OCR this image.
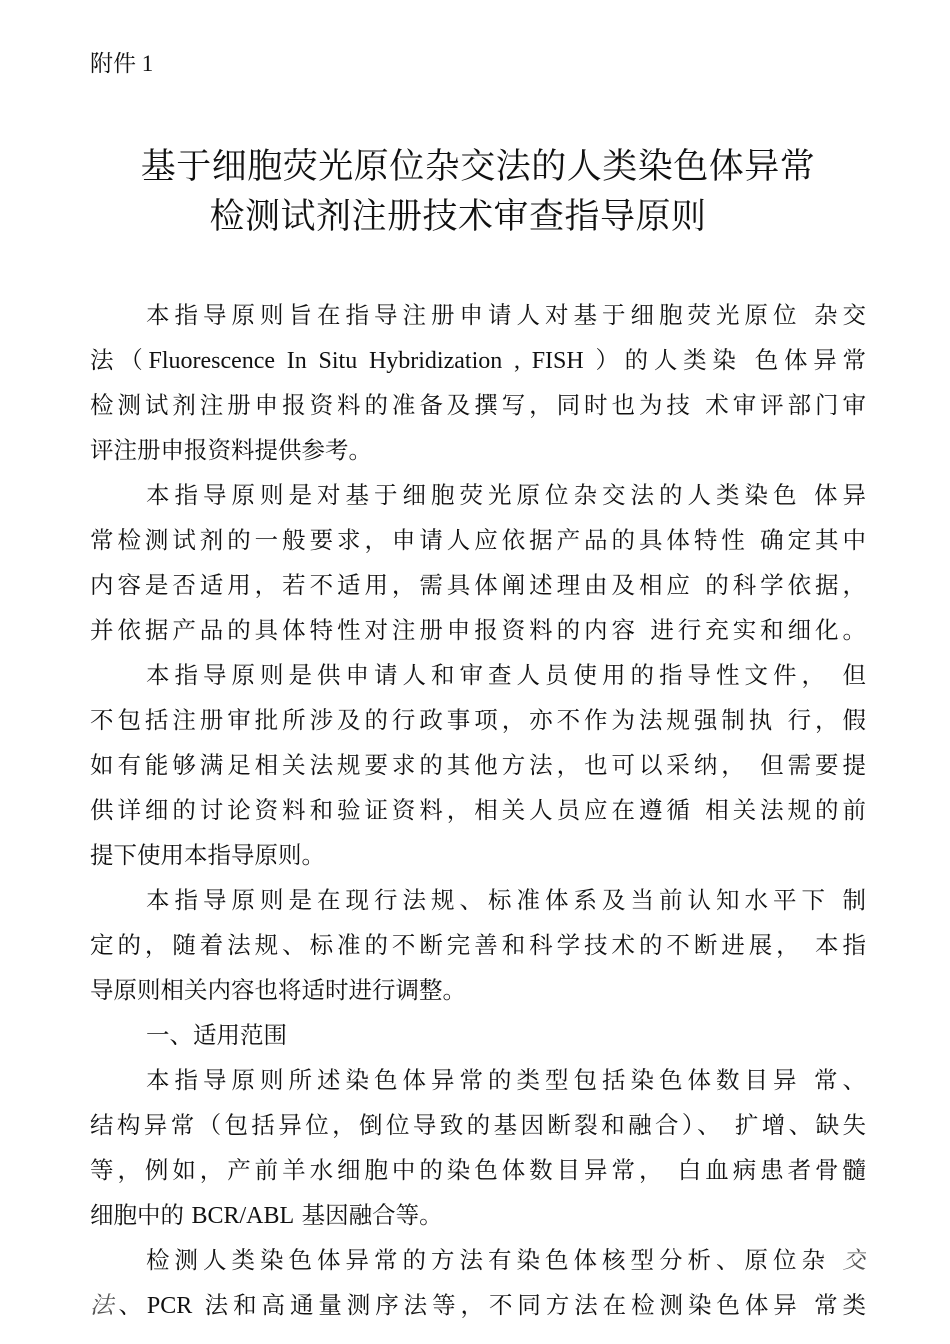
附件 1
基于细胞荧光原位杂交法的人类染色体异常
检测试剂注册技术审查指导原则
本指导原则旨在指导注册申请人对基于细胞荧光原位 杂交
法（Fluorescence In Situ Hybridization , FISH ）的人类染 色体异常
检测试剂注册申报资料的准备及撰写，同时也为技 术审评部门审
评注册申报资料提供参考。
本指导原则是对基于细胞荧光原位杂交法的人类染色 体异
常检测试剂的一般要求，申请人应依据产品的具体特性 确定其中
内容是否适用，若不适用，需具体阐述理由及相应 的科学依据，
并依据产品的具体特性对注册申报资料的内容 进行充实和细化。
本指导原则是供申请人和审查人员使用的指导性文件， 但
不包括注册审批所涉及的行政事项，亦不作为法规强制执 行，假
如有能够满足相关法规要求的其他方法，也可以采纳， 但需要提
供详细的讨论资料和验证资料，相关人员应在遵循 相关法规的前
提下使用本指导原则。
本指导原则是在现行法规、标准体系及当前认知水平下 制
定的，随着法规、标准的不断完善和科学技术的不断进展， 本指
导原则相关内容也将适时进行调整。
一、适用范围
本指导原则所述染色体异常的类型包括染色体数目异 常、
结构异常（包括异位，倒位导致的基因断裂和融合）、 扩增、缺失
等，例如，产前羊水细胞中的染色体数目异常， 白血病患者骨髓
细胞中的 BCR/ABL 基因融合等。
检测人类染色体异常的方法有染色体核型分析、原位杂 交
法、PCR 法和高通量测序法等，不同方法在检测染色体异 常类
